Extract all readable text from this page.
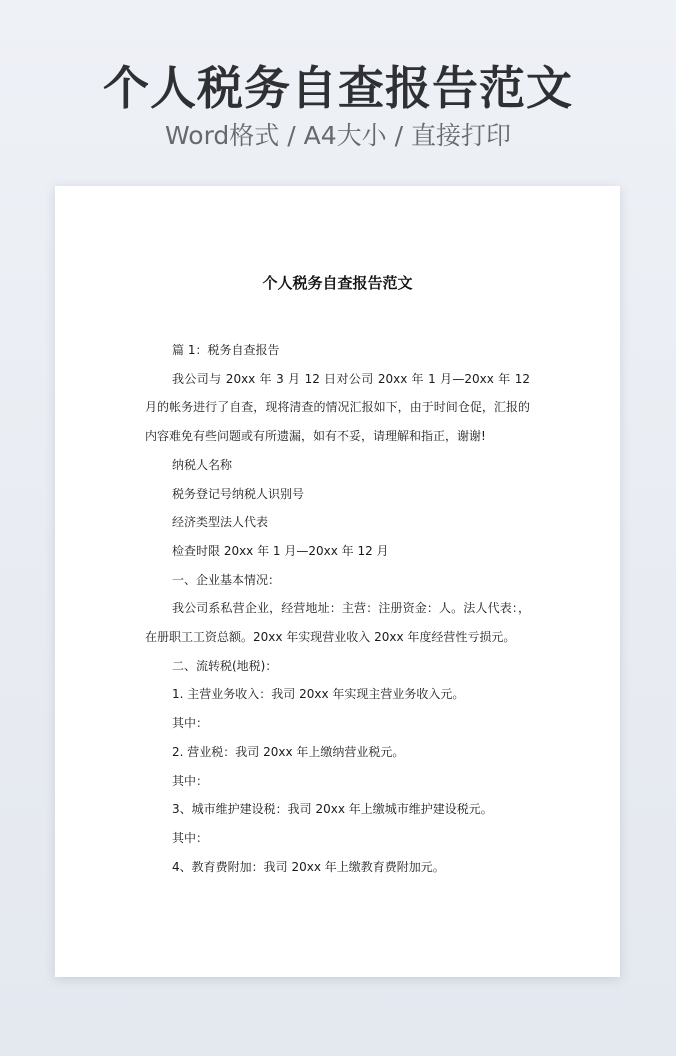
个人税务自查报告范文
Word格式 / A4大小 / 直接打印
个人税务自查报告范文

篇 1：税务自查报告

我公司与 20xx 年 3 月 12 日对公司 20xx 年 1 月—20xx 年 12 月的帐务进行了自查，现将清查的情况汇报如下，由于时间仓促，汇报的内容难免有些问题或有所遗漏，如有不妥，请理解和指正，谢谢!

纳税人名称

税务登记号纳税人识别号

经济类型法人代表

检查时限 20xx 年 1 月—20xx 年 12 月

一、企业基本情况：

我公司系私营企业，经营地址：主营：注册资金：人。法人代表：，在册职工工资总额。20xx 年实现营业收入 20xx 年度经营性亏损元。

二、流转税(地税)：

1. 主营业务收入：我司 20xx 年实现主营业务收入元。

其中：

2. 营业税：我司 20xx 年上缴纳营业税元。

其中：

3、城市维护建设税：我司 20xx 年上缴城市维护建设税元。

其中：

4、教育费附加：我司 20xx 年上缴教育费附加元。
